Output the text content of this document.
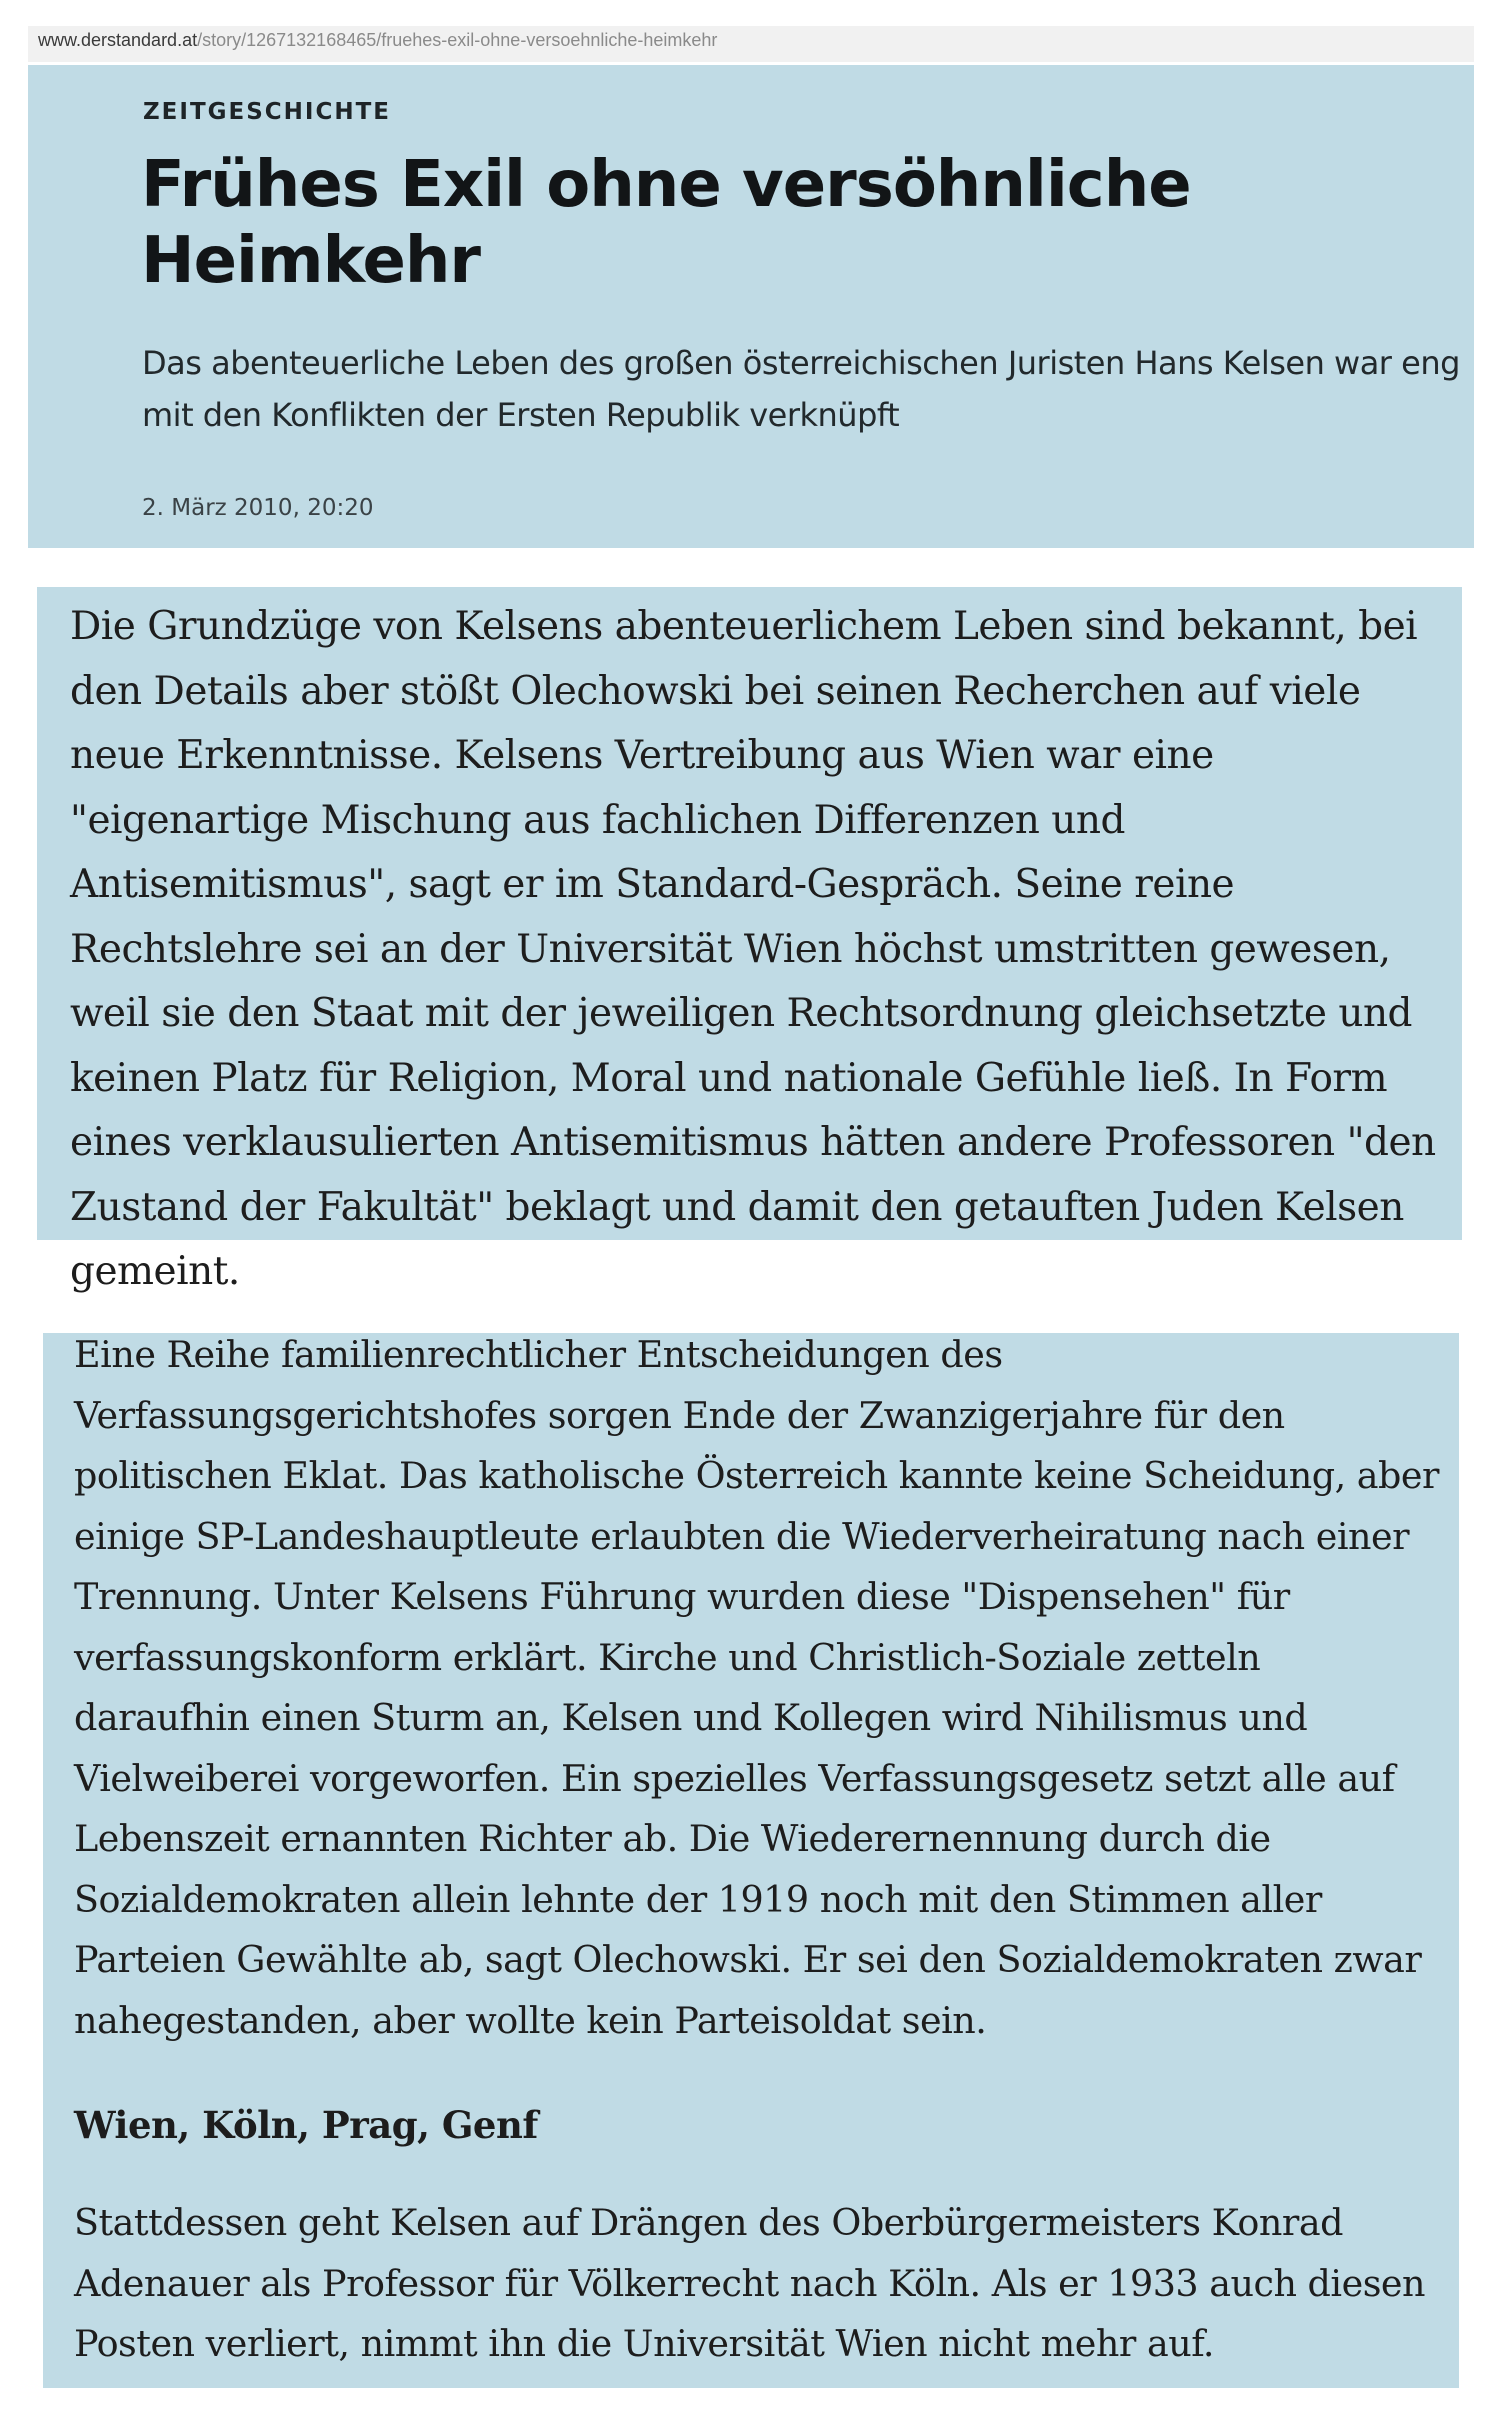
www.derstandard.at/story/1267132168465/fruehes-exil-ohne-versoehnliche-heimkehr
ZEITGESCHICHTE
Frühes Exil ohne versöhnliche Heimkehr

Das abenteuerliche Leben des großen österreichischen Juristen Hans Kelsen war eng mit den Konflikten der Ersten Republik verknüpft

2. März 2010, 20:20

Die Grundzüge von Kelsens abenteuerlichem Leben sind bekannt, bei den Details aber stößt Olechowski bei seinen Recherchen auf viele neue Erkenntnisse. Kelsens Vertreibung aus Wien war eine "eigenartige Mischung aus fachlichen Differenzen und Antisemitismus", sagt er im Standard-Gespräch. Seine reine Rechtslehre sei an der Universität Wien höchst umstritten gewesen, weil sie den Staat mit der jeweiligen Rechtsordnung gleichsetzte und keinen Platz für Religion, Moral und nationale Gefühle ließ. In Form eines verklausulierten Antisemitismus hätten andere Professoren "den Zustand der Fakultät" beklagt und damit den getauften Juden Kelsen gemeint.

Eine Reihe familienrechtlicher Entscheidungen des Verfassungsgerichtshofes sorgen Ende der Zwanzigerjahre für den politischen Eklat. Das katholische Österreich kannte keine Scheidung, aber einige SP-Landeshauptleute erlaubten die Wiederverheiratung nach einer Trennung. Unter Kelsens Führung wurden diese "Dispensehen" für verfassungskonform erklärt. Kirche und Christlich-Soziale zetteln daraufhin einen Sturm an, Kelsen und Kollegen wird Nihilismus und Vielweiberei vorgeworfen. Ein spezielles Verfassungsgesetz setzt alle auf Lebenszeit ernannten Richter ab. Die Wiederernennung durch die Sozialdemokraten allein lehnte der 1919 noch mit den Stimmen aller Parteien Gewählte ab, sagt Olechowski. Er sei den Sozialdemokraten zwar nahegestanden, aber wollte kein Parteisoldat sein.

Wien, Köln, Prag, Genf

Stattdessen geht Kelsen auf Drängen des Oberbürgermeisters Konrad Adenauer als Professor für Völkerrecht nach Köln. Als er 1933 auch diesen Posten verliert, nimmt ihn die Universität Wien nicht mehr auf.
